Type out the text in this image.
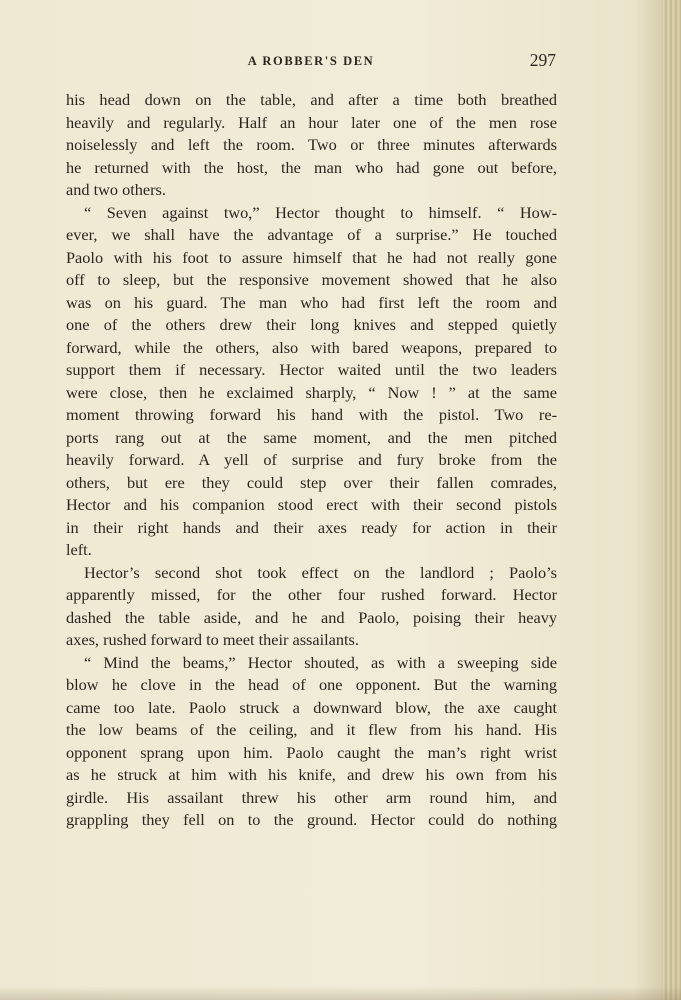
A ROBBER'S DEN	297
his head down on the table, and after a time both breathed
heavily and regularly. Half an hour later one of the men rose
noiselessly and left the room. Two or three minutes afterwards
he returned with the host, the man who had gone out before,
and two others.
“ Seven against two,” Hector thought to himself. “ How-
ever, we shall have the advantage of a surprise.” He touched
Paolo with his foot to assure himself that he had not really gone
off to sleep, but the responsive movement showed that he also
was on his guard. The man who had first left the room and
one of the others drew their long knives and stepped quietly
forward, while the others, also with bared weapons, prepared to
support them if necessary. Hector waited until the two leaders
were close, then he exclaimed sharply, “ Now ! ” at the same
moment throwing forward his hand with the pistol. Two re-
ports rang out at the same moment, and the men pitched
heavily forward. A yell of surprise and fury broke from the
others, but ere they could step over their fallen comrades,
Hector and his companion stood erect with their second pistols
in their right hands and their axes ready for action in their
left.
Hector’s second shot took effect on the landlord ; Paolo’s
apparently missed, for the other four rushed forward. Hector
dashed the table aside, and he and Paolo, poising their heavy
axes, rushed forward to meet their assailants.
“ Mind the beams,” Hector shouted, as with a sweeping side
blow he clove in the head of one opponent. But the warning
came too late. Paolo struck a downward blow, the axe caught
the low beams of the ceiling, and it flew from his hand. His
opponent sprang upon him. Paolo caught the man’s right wrist
as he struck at him with his knife, and drew his own from his
girdle. His assailant threw his other arm round him, and
grappling they fell on to the ground. Hector could do nothing
